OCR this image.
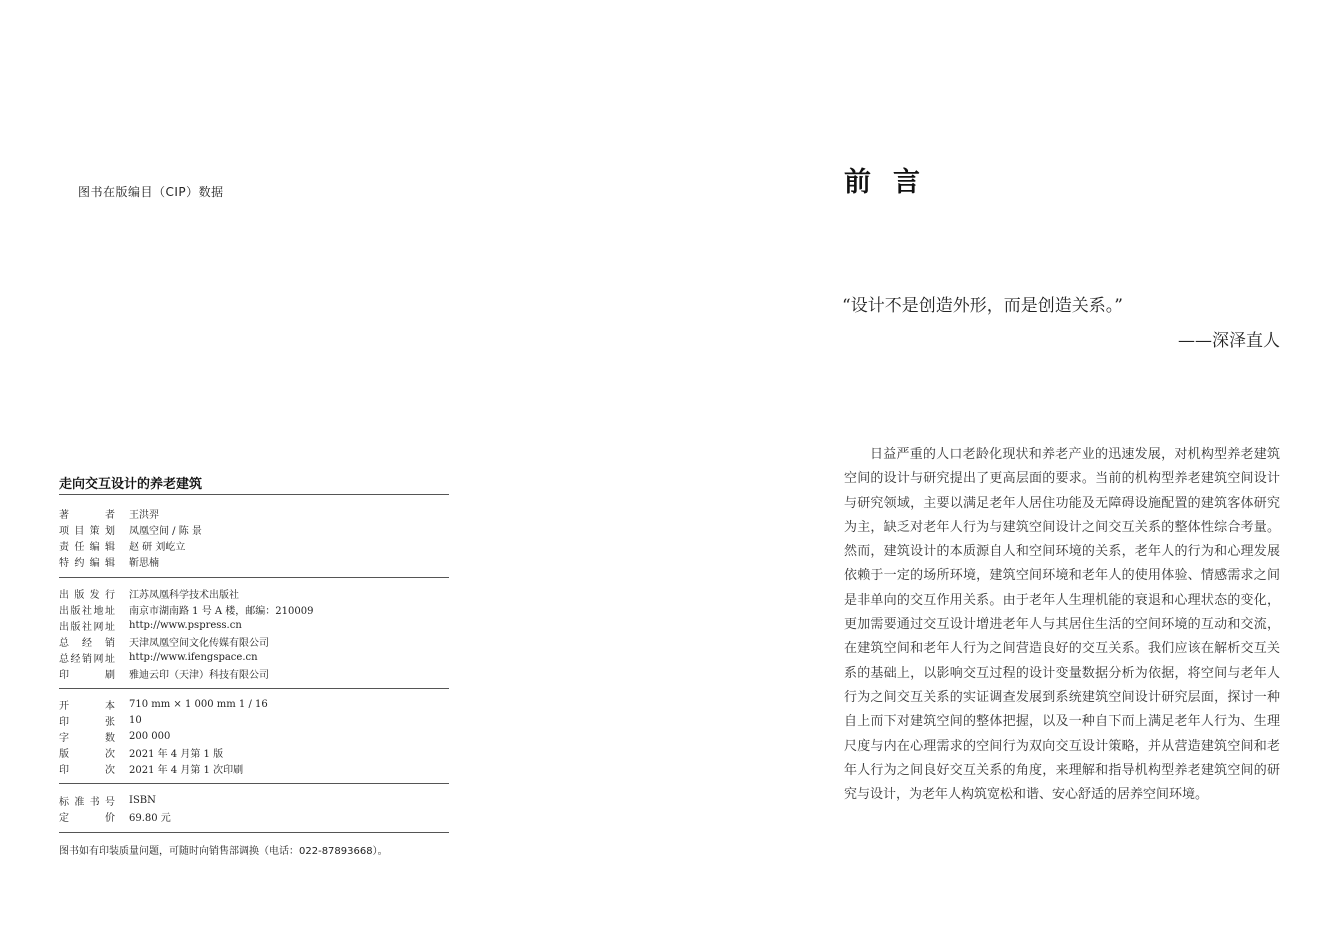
图书在版编目（CIP）数据
走向交互设计的养老建筑
著者 王洪羿
项目策划 凤凰空间 / 陈 景
责任编辑 赵 研 刘屹立
特约编辑 靳思楠
出版发行 江苏凤凰科学技术出版社
出版社地址 南京市湖南路 1 号 A 楼，邮编：210009
出版社网址 http://www.pspress.cn
总经销 天津凤凰空间文化传媒有限公司
总经销网址 http://www.ifengspace.cn
印刷 雅迪云印（天津）科技有限公司
开本 710 mm × 1 000 mm 1 / 16
印张 10
字数 200 000
版次 2021 年 4 月第 1 版
印次 2021 年 4 月第 1 次印刷
标准书号 ISBN
定价 69.80 元
图书如有印装质量问题，可随时向销售部调换（电话：022-87893668）。
前言
“设计不是创造外形，而是创造关系。”
——深泽直人

日益严重的人口老龄化现状和养老产业的迅速发展，对机构型养老建筑空间的设计与研究提出了更高层面的要求。当前的机构型养老建筑空间设计与研究领域，主要以满足老年人居住功能及无障碍设施配置的建筑客体研究为主，缺乏对老年人行为与建筑空间设计之间交互关系的整体性综合考量。然而，建筑设计的本质源自人和空间环境的关系，老年人的行为和心理发展依赖于一定的场所环境，建筑空间环境和老年人的使用体验、情感需求之间是非单向的交互作用关系。由于老年人生理机能的衰退和心理状态的变化，更加需要通过交互设计增进老年人与其居住生活的空间环境的互动和交流，在建筑空间和老年人行为之间营造良好的交互关系。我们应该在解析交互关系的基础上，以影响交互过程的设计变量数据分析为依据，将空间与老年人行为之间交互关系的实证调查发展到系统建筑空间设计研究层面，探讨一种自上而下对建筑空间的整体把握，以及一种自下而上满足老年人行为、生理尺度与内在心理需求的空间行为双向交互设计策略，并从营造建筑空间和老年人行为之间良好交互关系的角度，来理解和指导机构型养老建筑空间的研究与设计，为老年人构筑宽松和谐、安心舒适的居养空间环境。
